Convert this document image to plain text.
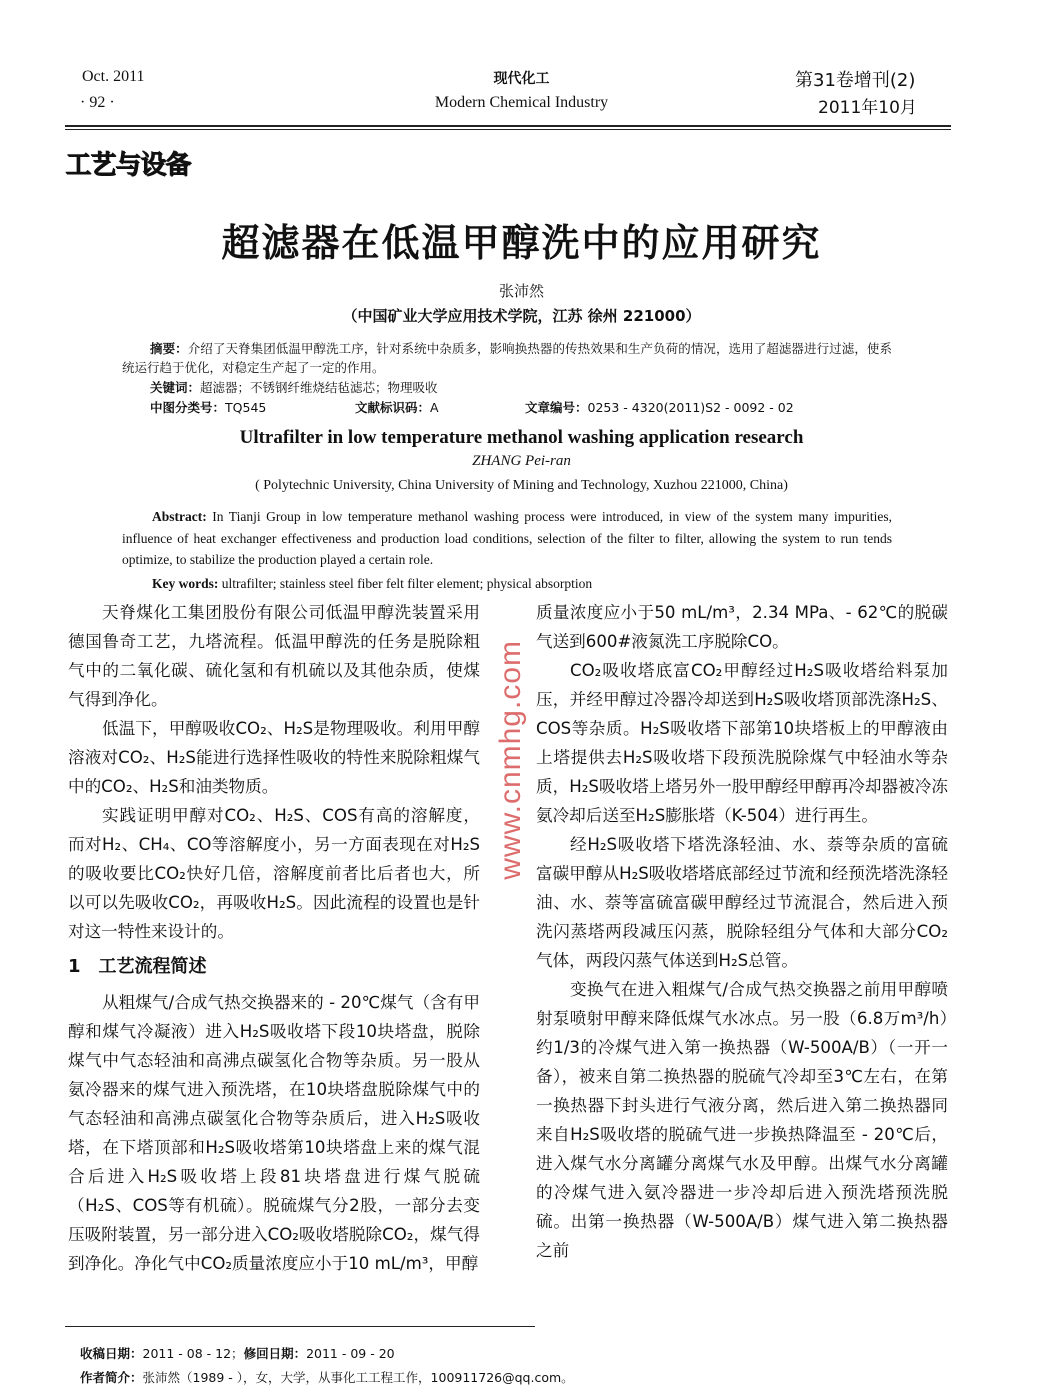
Oct. 2011
· 92 ·
现代化工
Modern Chemical Industry
第31卷增刊(2)
2011年10月
工艺与设备
超滤器在低温甲醇洗中的应用研究
张沛然
（中国矿业大学应用技术学院，江苏 徐州 221000）
摘要：介绍了天脊集团低温甲醇洗工序，针对系统中杂质多，影响换热器的传热效果和生产负荷的情况，选用了超滤器进行过滤，使系统运行趋于优化，对稳定生产起了一定的作用。
关键词：超滤器；不锈钢纤维烧结毡滤芯；物理吸收
中图分类号：TQ545	文献标识码：A	文章编号：0253 - 4320(2011)S2 - 0092 - 02
Ultrafilter in low temperature methanol washing application research
ZHANG Pei-ran
( Polytechnic University, China University of Mining and Technology, Xuzhou 221000, China)
Abstract: In Tianji Group in low temperature methanol washing process were introduced, in view of the system many impurities, influence of heat exchanger effectiveness and production load conditions, selection of the filter to filter, allowing the system to run tends optimize, to stabilize the production played a certain role.
Key words: ultrafilter; stainless steel fiber felt filter element; physical absorption

天脊煤化工集团股份有限公司低温甲醇洗装置采用德国鲁奇工艺，九塔流程。低温甲醇洗的任务是脱除粗气中的二氧化碳、硫化氢和有机硫以及其他杂质，使煤气得到净化。

低温下，甲醇吸收CO₂、H₂S是物理吸收。利用甲醇溶液对CO₂、H₂S能进行选择性吸收的特性来脱除粗煤气中的CO₂、H₂S和油类物质。

实践证明甲醇对CO₂、H₂S、COS有高的溶解度，而对H₂、CH₄、CO等溶解度小，另一方面表现在对H₂S的吸收要比CO₂快好几倍，溶解度前者比后者也大，所以可以先吸收CO₂，再吸收H₂S。因此流程的设置也是针对这一特性来设计的。

1　工艺流程简述

从粗煤气/合成气热交换器来的 - 20℃煤气（含有甲醇和煤气冷凝液）进入H₂S吸收塔下段10块塔盘，脱除煤气中气态轻油和高沸点碳氢化合物等杂质。另一股从氨冷器来的煤气进入预洗塔，在10块塔盘脱除煤气中的气态轻油和高沸点碳氢化合物等杂质后，进入H₂S吸收塔，在下塔顶部和H₂S吸收塔第10块塔盘上来的煤气混合后进入H₂S吸收塔上段81块塔盘进行煤气脱硫（H₂S、COS等有机硫）。脱硫煤气分2股，一部分去变压吸附装置，另一部分进入CO₂吸收塔脱除CO₂，煤气得到净化。净化气中CO₂质量浓度应小于10 mL/m³，甲醇

质量浓度应小于50 mL/m³，2.34 MPa、- 62℃的脱碳气送到600#液氮洗工序脱除CO。

CO₂吸收塔底富CO₂甲醇经过H₂S吸收塔给料泵加压，并经甲醇过冷器冷却送到H₂S吸收塔顶部洗涤H₂S、COS等杂质。H₂S吸收塔下部第10块塔板上的甲醇液由上塔提供去H₂S吸收塔下段预洗脱除煤气中轻油水等杂质，H₂S吸收塔上塔另外一股甲醇经甲醇再冷却器被冷冻氨冷却后送至H₂S膨胀塔（K-504）进行再生。

经H₂S吸收塔下塔洗涤轻油、水、萘等杂质的富硫富碳甲醇从H₂S吸收塔塔底部经过节流和经预洗塔洗涤轻油、水、萘等富硫富碳甲醇经过节流混合，然后进入预洗闪蒸塔两段减压闪蒸，脱除轻组分气体和大部分CO₂气体，两段闪蒸气体送到H₂S总管。

变换气在进入粗煤气/合成气热交换器之前用甲醇喷射泵喷射甲醇来降低煤气水冰点。另一股（6.8万m³/h）约1/3的冷煤气进入第一换热器（W-500A/B）（一开一备），被来自第二换热器的脱硫气冷却至3℃左右，在第一换热器下封头进行气液分离，然后进入第二换热器同来自H₂S吸收塔的脱硫气进一步换热降温至 - 20℃后，进入煤气水分离罐分离煤气水及甲醇。出煤气水分离罐的冷煤气进入氨冷器进一步冷却后进入预洗塔预洗脱硫。出第一换热器（W-500A/B）煤气进入第二换热器之前

收稿日期：2011 - 08 - 12；修回日期：2011 - 09 - 20
作者简介：张沛然（1989 - ），女，大学，从事化工工程工作，100911726@qq.com。
www.cnmhg.com
